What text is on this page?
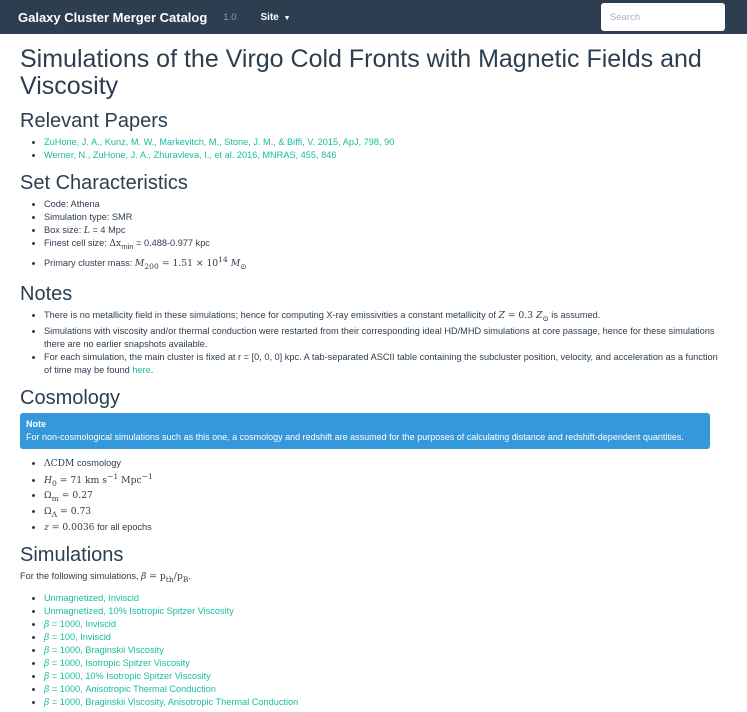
Galaxy Cluster Merger Catalog 1.0 Site ▼
Search
Simulations of the Virgo Cold Fronts with Magnetic Fields and Viscosity
Relevant Papers
• ZuHone, J. A., Kunz, M. W., Markevitch, M., Stone, J. M., & Biffi, V. 2015, ApJ, 798, 90
• Werner, N., ZuHone, J. A., Zhuravleva, I., et al. 2016, MNRAS, 455, 846
Set Characteristics
• Code: Athena
• Simulation type: SMR
• Box size: L = 4 Mpc
• Finest cell size: $\Delta x_{min} = 0.488-0.977$ kpc
• Primary cluster mass: $M_{200} = 1.51 \times 10^{14}$ $M_⊙$
Notes
• There is no metallicity field in these simulations; hence for computing X-ray emissivities a constant metallicity of Z = 0.3 $Z_⊙$ is assumed.
• Simulations with viscosity and/or thermal conduction were restarted from their corresponding ideal HD/MHD simulations at core passage, hence for these simulations there are no earlier snapshots available.
• For each simulation, the main cluster is fixed at r = [0, 0, 0] kpc. A tab-separated ASCII table containing the subcluster position, velocity, and acceleration as a function of time may be found here.
Cosmology
Note
For non-cosmological simulations such as this one, a cosmology and redshift are assumed for the purposes of calculating distance and redshift-dependent quantities.
• ΛCDM cosmology
• $H_0 = 71$ km $s^{-1}$ Mpc$^{-1}$
• $\Omega_m = 0.27$
• $\Omega_\Lambda = 0.73$
• z = 0.0036 for all epochs
Simulations

For the following simulations, $\beta = p_{th}/p_B$.

• Unmagnetized, Inviscid
• Unmagnetized, 10% Isotropic Spitzer Viscosity
• β = 1000, Inviscid
• β = 100, Inviscid
• β = 1000, Braginskii Viscosity
• β = 1000, Isotropic Spitzer Viscosity
• β = 1000, 10% Isotropic Spitzer Viscosity
• β = 1000, Anisotropic Thermal Conduction
• β = 1000, Braginskii Viscosity, Anisotropic Thermal Conduction
